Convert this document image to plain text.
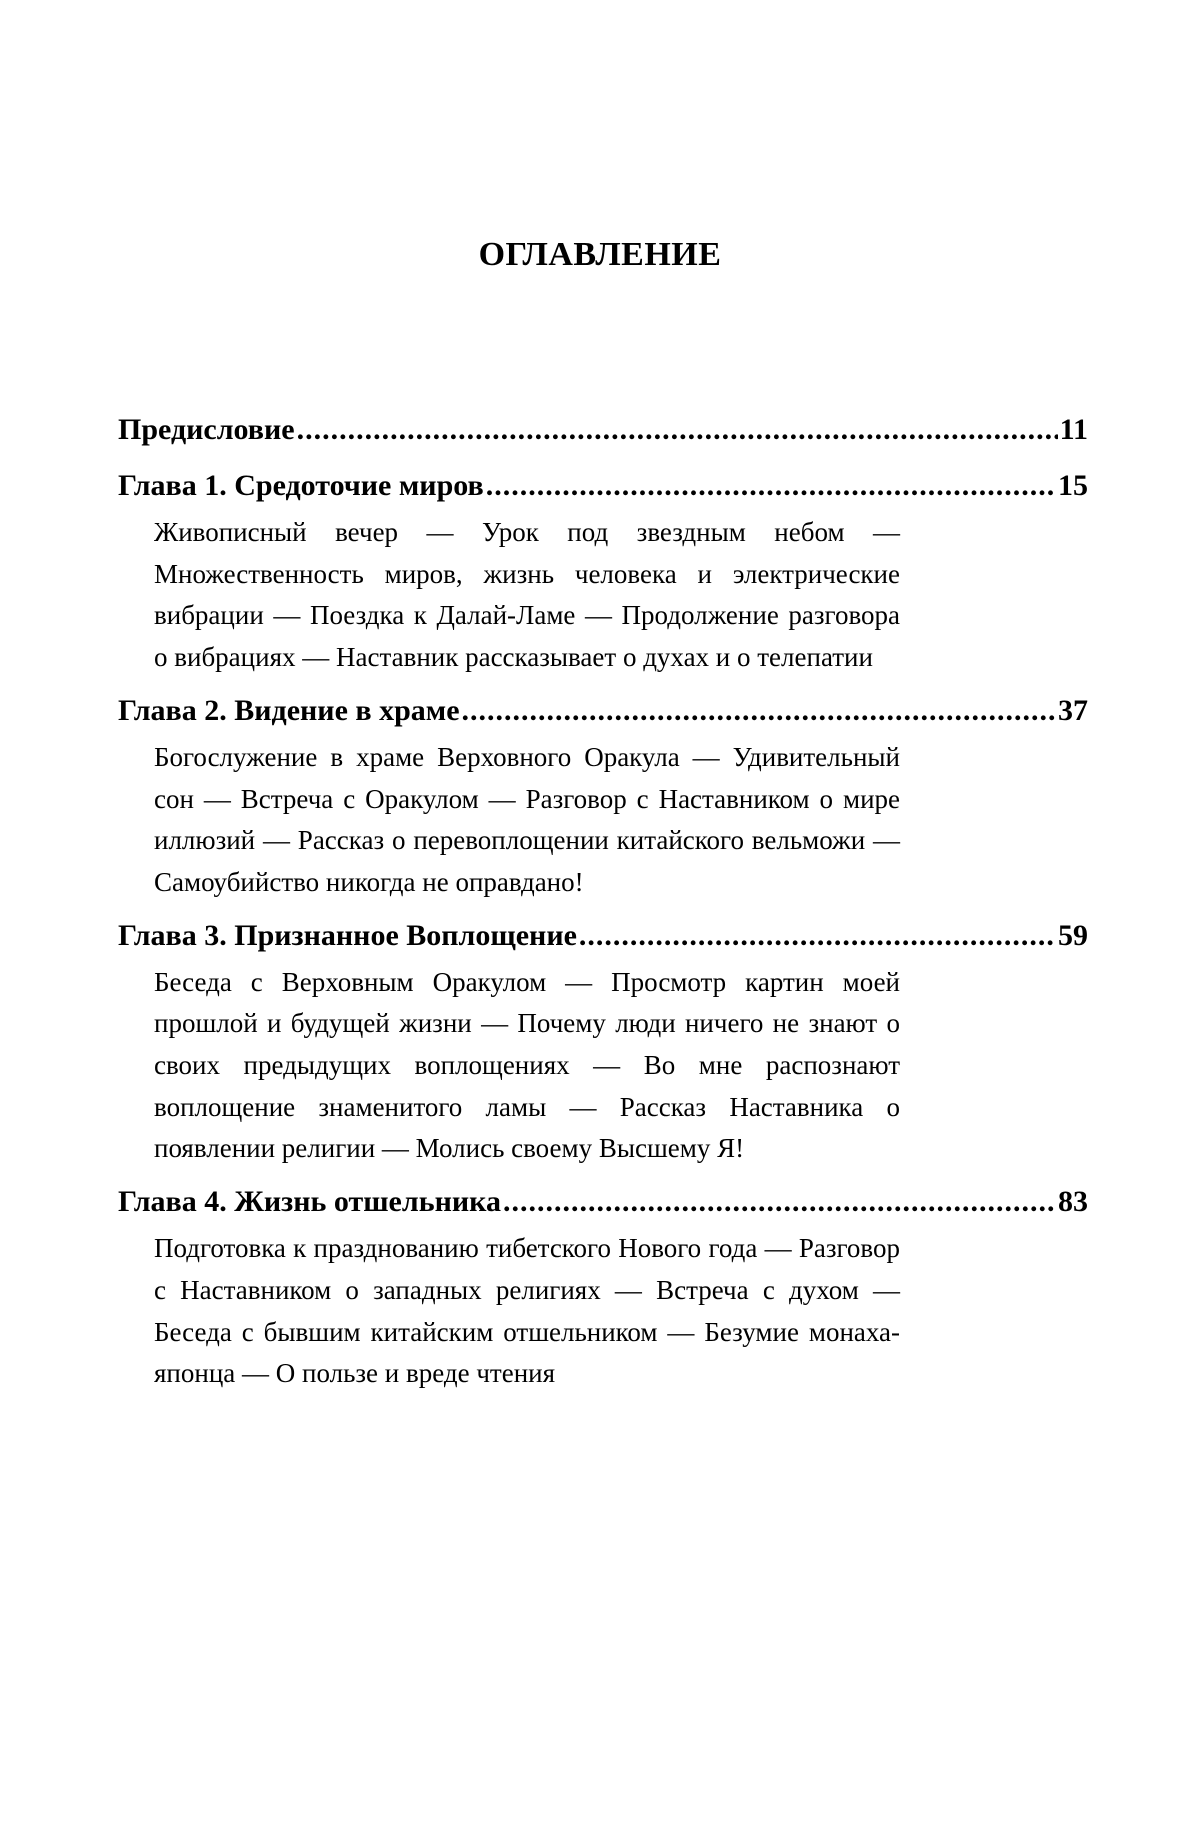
ОГЛАВЛЕНИЕ
Предисловие
.....	11
Глава 1. Средоточие миров
.....	15
Живописный вечер — Урок под звездным небом — Множественность миров, жизнь человека и электрические вибрации — Поездка к Далай-Ламе — Продолжение разговора о вибрациях — Наставник рассказывает о духах и о телепатии
Глава 2. Видение в храме
.....	37
Богослужение в храме Верховного Оракула — Удивительный сон — Встреча с Оракулом — Разговор с Наставником о мире иллюзий — Рассказ о перевоплощении китайского вельможи — Самоубийство никогда не оправдано!
Глава 3. Признанное Воплощение
.....	59
Беседа с Верховным Оракулом — Просмотр картин моей прошлой и будущей жизни — Почему люди ничего не знают о своих предыдущих воплощениях — Во мне распознают воплощение знаменитого ламы — Рассказ Наставника о появлении религии — Молись своему Высшему Я!
Глава 4. Жизнь отшельника
.....	83
Подготовка к празднованию тибетского Нового года — Разговор с Наставником о западных религиях — Встреча с духом — Беседа с бывшим китайским отшельником — Безумие монаха-японца — О пользе и вреде чтения
